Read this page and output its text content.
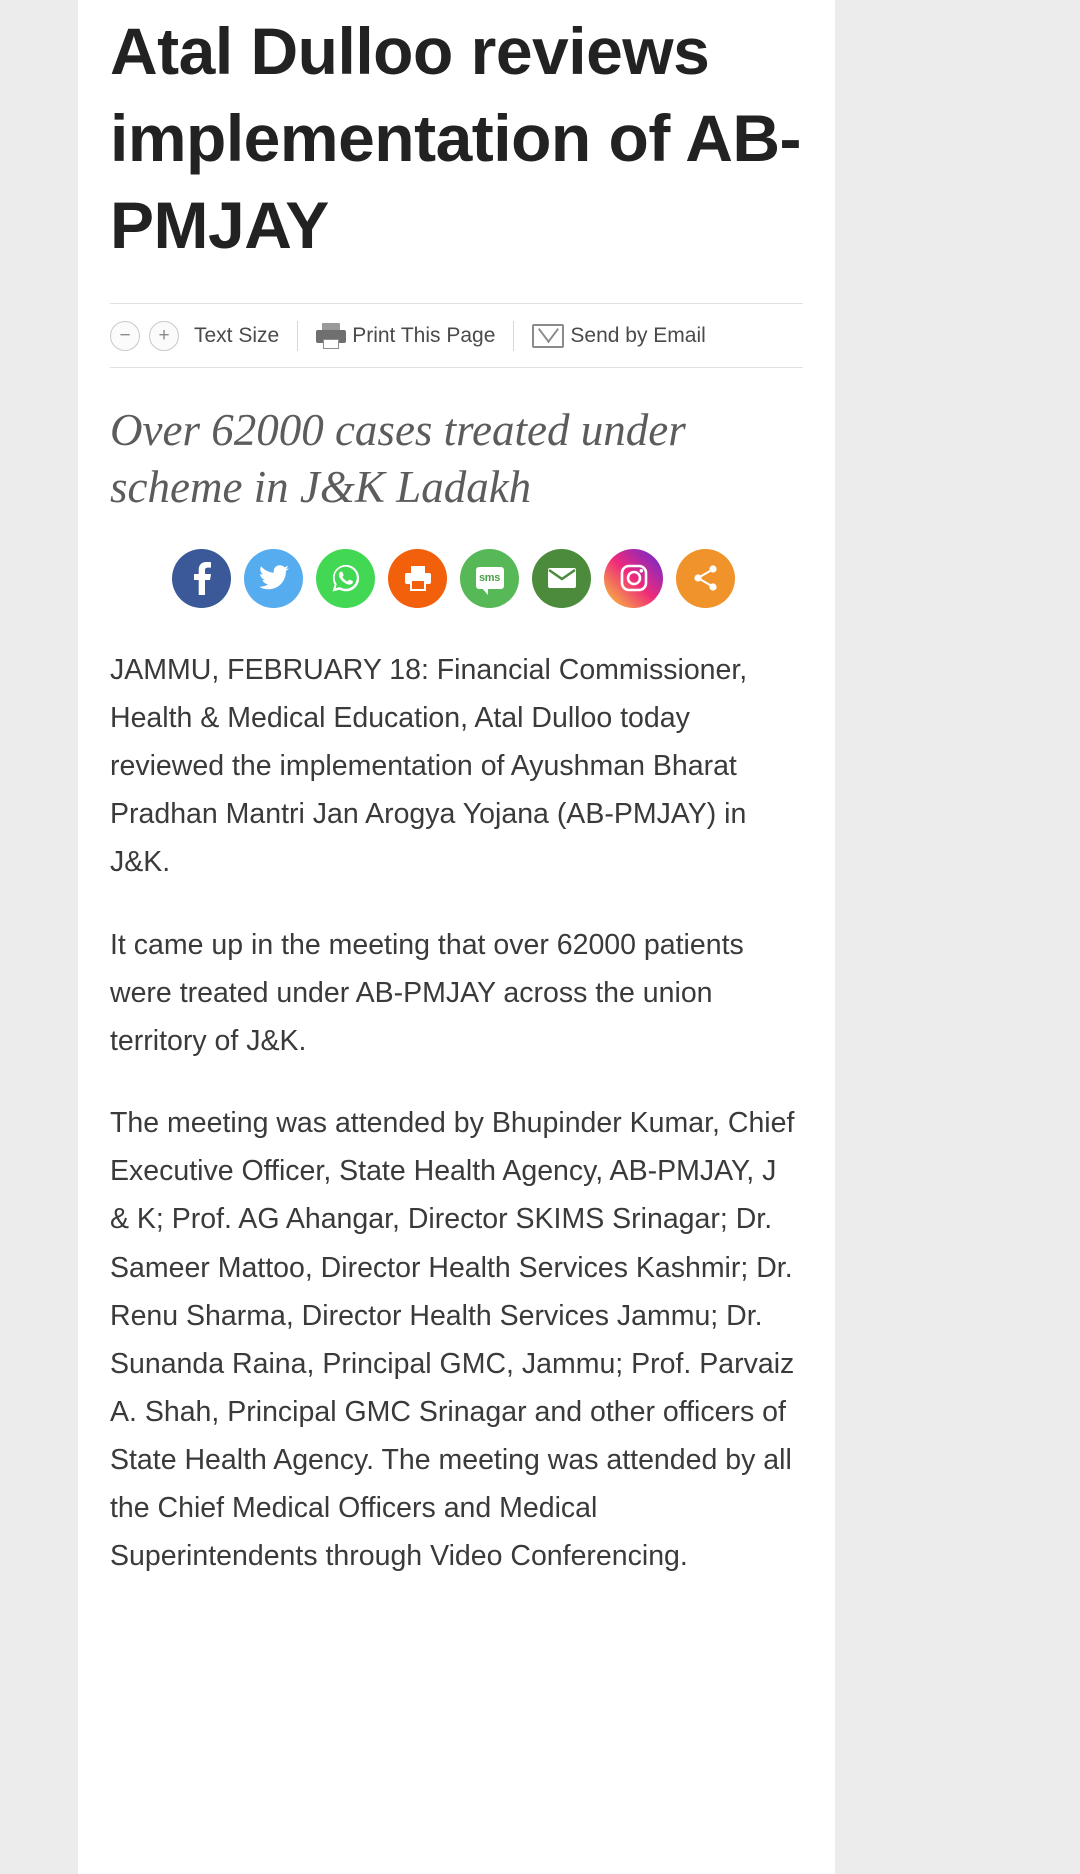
Atal Dulloo reviews implementation of AB-PMJAY
−	+	Text Size	Print This Page	Send by Email
Over 62000 cases treated under scheme in J&K Ladakh
sms

JAMMU, FEBRUARY 18: Financial Commissioner, Health & Medical Education, Atal Dulloo today reviewed the implementation of Ayushman Bharat Pradhan Mantri Jan Arogya Yojana (AB-PMJAY) in J&K.

It came up in the meeting that over 62000 patients were treated under AB-PMJAY across the union territory of J&K.

The meeting was attended by Bhupinder Kumar, Chief Executive Officer, State Health Agency, AB-PMJAY, J & K; Prof. AG Ahangar, Director SKIMS Srinagar; Dr. Sameer Mattoo, Director Health Services Kashmir; Dr. Renu Sharma, Director Health Services Jammu; Dr. Sunanda Raina, Principal GMC, Jammu; Prof. Parvaiz A. Shah, Principal GMC Srinagar and other officers of State Health Agency. The meeting was attended by all the Chief Medical Officers and Medical Superintendents through Video Conferencing.
